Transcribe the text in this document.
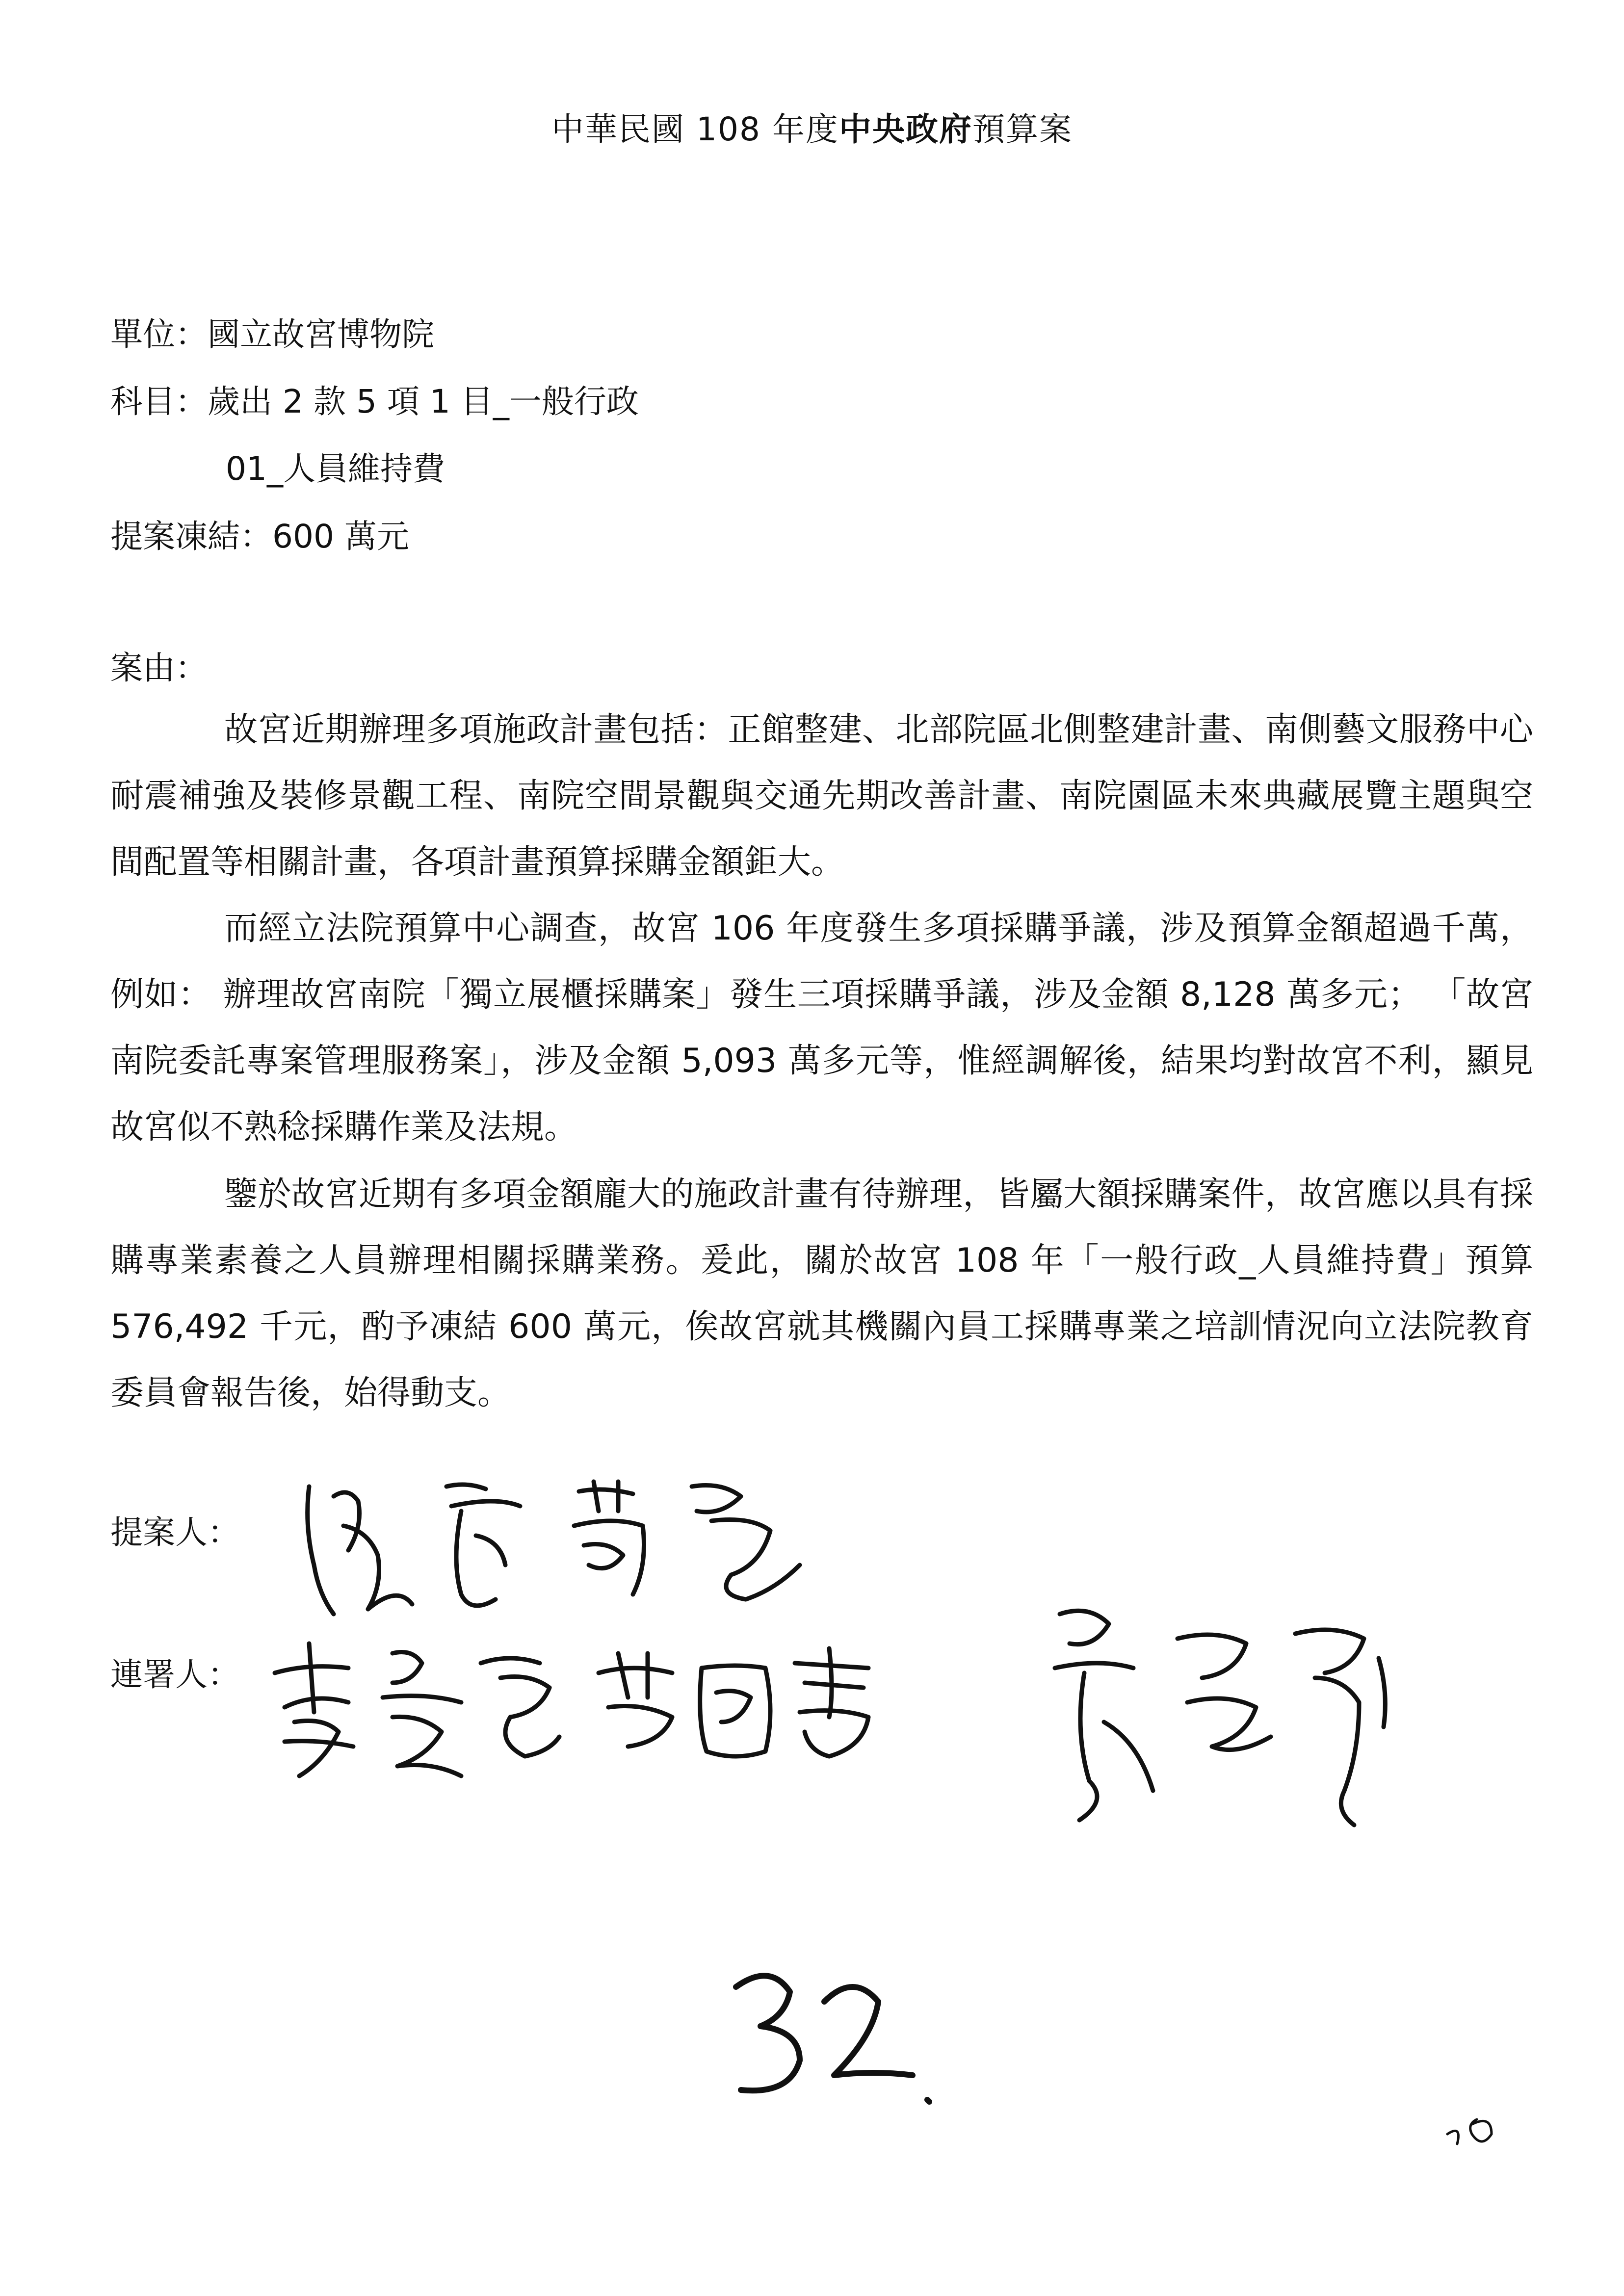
中華民國 108 年度中央政府預算案
單位：國立故宮博物院
科目：歲出 2 款 5 項 1 目_一般行政
01_人員維持費
提案凍結：600 萬元
案由：
故宮近期辦理多項施政計畫包括：正館整建、北部院區北側整建計畫、南側藝文服務中心耐震補強及裝修景觀工程、南院空間景觀與交通先期改善計畫、南院園區未來典藏展覽主題與空間配置等相關計畫，各項計畫預算採購金額鉅大。
而經立法院預算中心調查，故宮 106 年度發生多項採購爭議，涉及預算金額超過千萬，例如： 辦理故宮南院「獨立展櫃採購案」發生三項採購爭議，涉及金額 8,128 萬多元； 「故宮南院委託專案管理服務案」，涉及金額 5,093 萬多元等，惟經調解後，結果均對故宮不利，顯見故宮似不熟稔採購作業及法規。
鑒於故宮近期有多項金額龐大的施政計畫有待辦理，皆屬大額採購案件，故宮應以具有採購專業素養之人員辦理相關採購業務。爰此，關於故宮 108 年「一般行政_人員維持費」預算 576,492 千元，酌予凍結 600 萬元，俟故宮就其機關內員工採購專業之培訓情況向立法院教育委員會報告後，始得動支。
提案人：
連署人：
